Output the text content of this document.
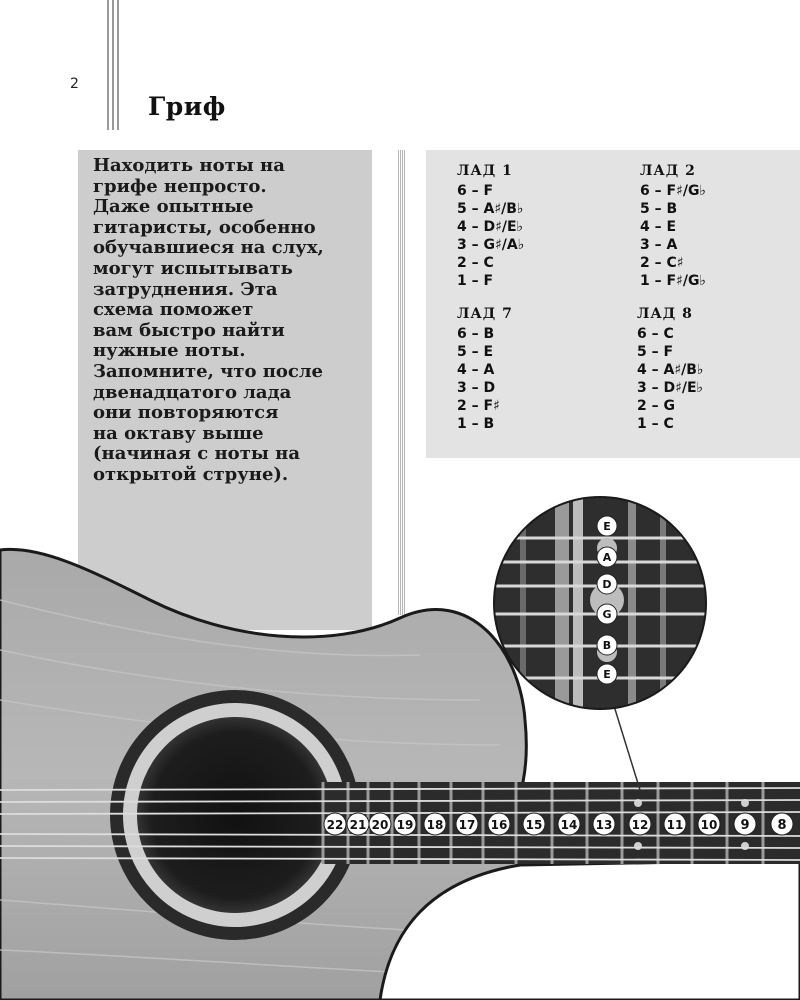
2
Гриф
22 21 20 19 18 17 16 15 14 13 12 11 10 9 8
E
A
D
G
B
E
Находить ноты на
грифе непросто.
Даже опытные
гитаристы, особенно
обучавшиеся на слух,
могут испытывать
затруднения. Эта
схема поможет
вам быстро найти
нужные ноты.
Запомните, что после
двенадцатого лада
они повторяются
на октаву выше
(начиная с ноты на
открытой струне).
ЛАД 1
6 – F
5 – A♯/B♭
4 – D♯/E♭
3 – G♯/A♭
2 – C
1 – F
ЛАД 2
6 – F♯/G♭
5 – B
4 – E
3 – A
2 – C♯
1 – F♯/G♭
ЛАД 7
6 – B
5 – E
4 – A
3 – D
2 – F♯
1 – B
ЛАД 8
6 – C
5 – F
4 – A♯/B♭
3 – D♯/E♭
2 – G
1 – C
